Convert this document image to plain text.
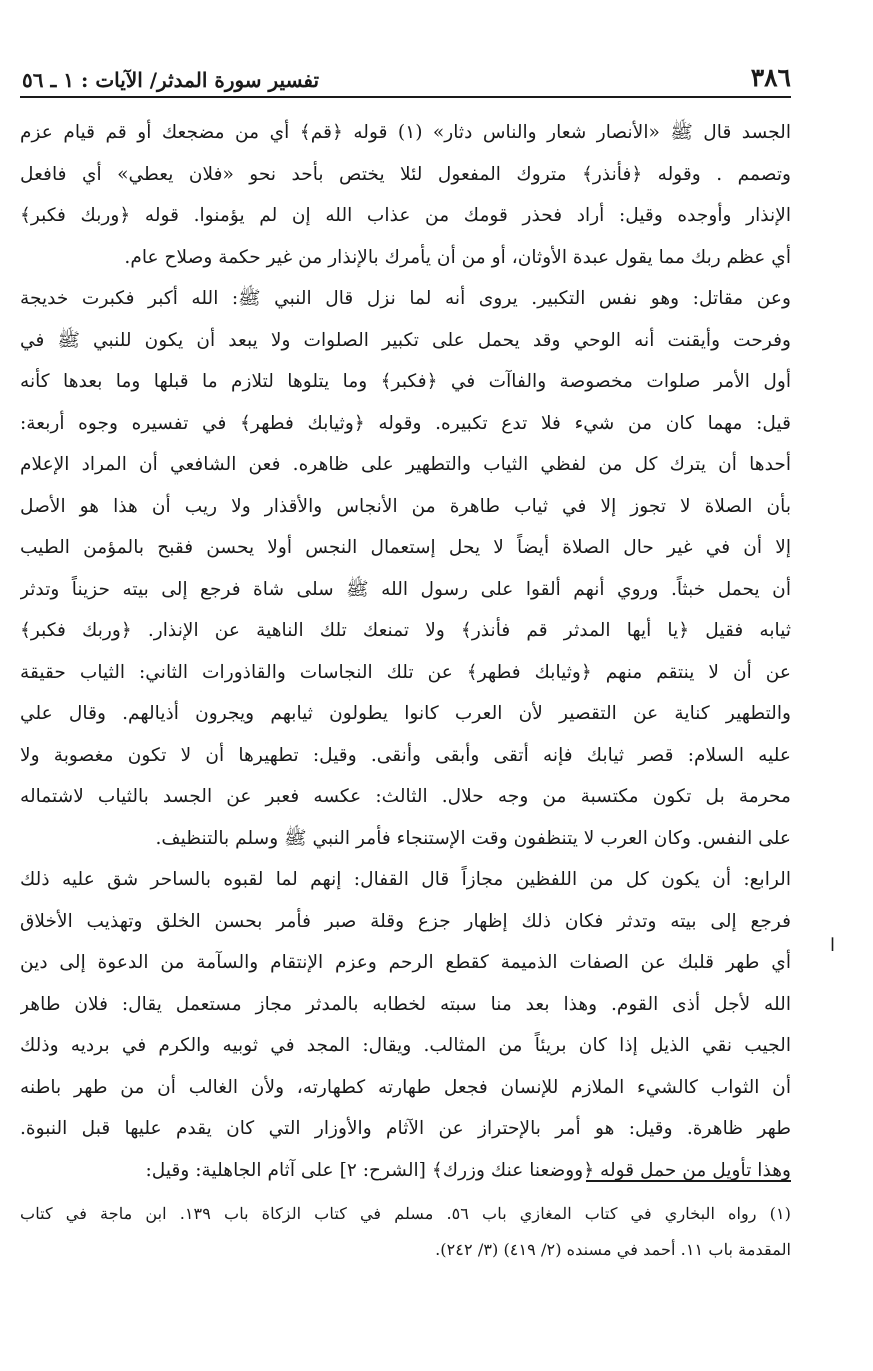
٣٨٦
تفسير سورة المدثر/ الآيات : ١ ـ ٥٦
الجسد قال ﷺ «الأنصار شعار والناس دثار» (١) قوله ﴿قم﴾ أي من مضجعك أو قم قيام عزم
وتصمم . وقوله ﴿فأنذر﴾ متروك المفعول لئلا يختص بأحد نحو «فلان يعطي» أي فافعل
الإنذار وأوجده وقيل: أراد فحذر قومك من عذاب الله إن لم يؤمنوا. قوله ﴿وربك فكبر﴾
أي عظم ربك مما يقول عبدة الأوثان، أو من أن يأمرك بالإنذار من غير حكمة وصلاح عام.
وعن مقاتل: وهو نفس التكبير. يروى أنه لما نزل قال النبي ﷺ: الله أكبر فكبرت خديجة
وفرحت وأيقنت أنه الوحي وقد يحمل على تكبير الصلوات ولا يبعد أن يكون للنبي ﷺ في
أول الأمر صلوات مخصوصة والفاآت في ﴿فكبر﴾ وما يتلوها لتلازم ما قبلها وما بعدها كأنه
قيل: مهما كان من شيء فلا تدع تكبيره. وقوله ﴿وثيابك فطهر﴾ في تفسيره وجوه أربعة:
أحدها أن يترك كل من لفظي الثياب والتطهير على ظاهره. فعن الشافعي أن المراد الإعلام
بأن الصلاة لا تجوز إلا في ثياب طاهرة من الأنجاس والأقذار ولا ريب أن هذا هو الأصل
إلا أن في غير حال الصلاة أيضاً لا يحل إستعمال النجس أولا يحسن فقبح بالمؤمن الطيب
أن يحمل خبثاً. وروي أنهم ألقوا على رسول الله ﷺ سلى شاة فرجع إلى بيته حزيناً وتدثر
ثيابه فقيل ﴿يا أيها المدثر قم فأنذر﴾ ولا تمنعك تلك الناهية عن الإنذار. ﴿وربك فكبر﴾
عن أن لا ينتقم منهم ﴿وثيابك فطهر﴾ عن تلك النجاسات والقاذورات الثاني: الثياب حقيقة
والتطهير كناية عن التقصير لأن العرب كانوا يطولون ثيابهم ويجرون أذيالهم. وقال علي
عليه السلام: قصر ثيابك فإنه أتقى وأبقى وأنقى. وقيل: تطهيرها أن لا تكون مغصوبة ولا
محرمة بل تكون مكتسبة من وجه حلال. الثالث: عكسه فعبر عن الجسد بالثياب لاشتماله
على النفس. وكان العرب لا يتنظفون وقت الإستنجاء فأمر النبي ﷺ وسلم بالتنظيف.
الرابع: أن يكون كل من اللفظين مجازاً قال القفال: إنهم لما لقبوه بالساحر شق عليه ذلك
فرجع إلى بيته وتدثر فكان ذلك إظهار جزع وقلة صبر فأمر بحسن الخلق وتهذيب الأخلاق
أي طهر قلبك عن الصفات الذميمة كقطع الرحم وعزم الإنتقام والسآمة من الدعوة إلى دين
الله لأجل أذى القوم. وهذا بعد منا سبته لخطابه بالمدثر مجاز مستعمل يقال: فلان طاهر
الجيب نقي الذيل إذا كان بريئاً من المثالب. ويقال: المجد في ثوبيه والكرم في برديه وذلك
أن الثواب كالشيء الملازم للإنسان فجعل طهارته كطهارته، ولأن الغالب أن من طهر باطنه
طهر ظاهرة. وقيل: هو أمر بالإحتراز عن الآثام والأوزار التي كان يقدم عليها قبل النبوة.
وهذا تأويل من حمل قوله ﴿ووضعنا عنك وزرك﴾ [الشرح: ٢] على آثام الجاهلية: وقيل:
ا
(١) رواه البخاري في كتاب المغازي باب ٥٦. مسلم في كتاب الزكاة باب ١٣٩. ابن ماجة في كتاب
المقدمة باب ١١. أحمد في مسنده (٢/ ٤١٩) (٣/ ٢٤٢).
